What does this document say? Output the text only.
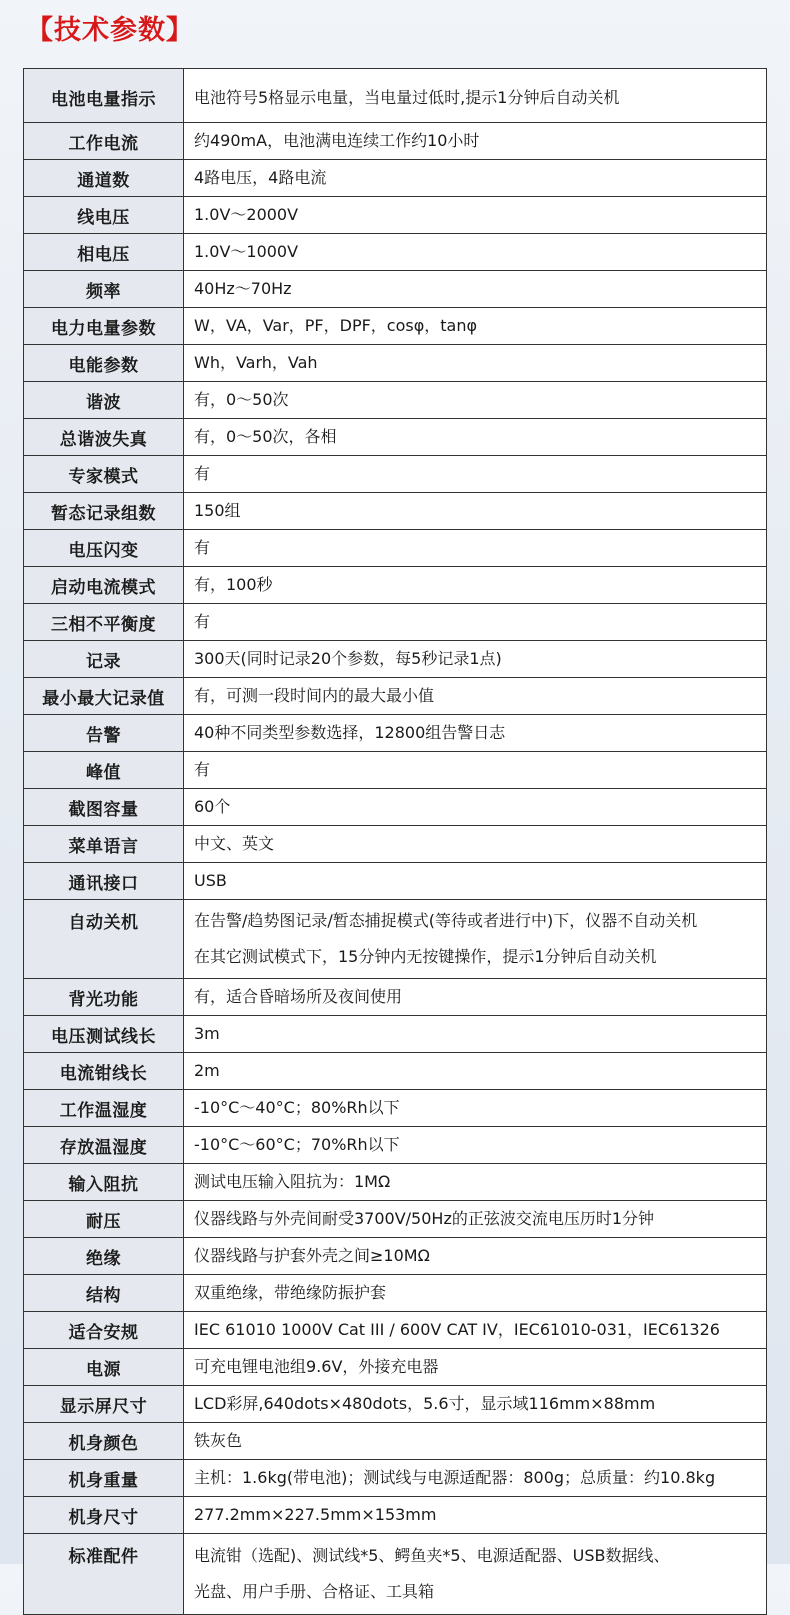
【技术参数】
电池电量指示	电池符号5格显示电量，当电量过低时,提示1分钟后自动关机

工作电流	约490mA，电池满电连续工作约10小时

通道数	4路电压，4路电流

线电压	1.0V～2000V

相电压	1.0V～1000V

频率	40Hz～70Hz

电力电量参数	W，VA，Var，PF，DPF，cosφ，tanφ

电能参数	Wh，Varh，Vah

谐波	有，0～50次

总谐波失真	有，0～50次，各相

专家模式	有

暂态记录组数	150组

电压闪变	有

启动电流模式	有，100秒

三相不平衡度	有

记录	300天(同时记录20个参数，每5秒记录1点)

最小最大记录值	有，可测一段时间内的最大最小值

告警	40种不同类型参数选择，12800组告警日志

峰值	有

截图容量	60个

菜单语言	中文、英文

通讯接口	USB

自动关机	在告警/趋势图记录/暂态捕捉模式(等待或者进行中)下，仪器不自动关机
在其它测试模式下，15分钟内无按键操作，提示1分钟后自动关机

背光功能	有，适合昏暗场所及夜间使用

电压测试线长	3m

电流钳线长	2m

工作温湿度	-10°C～40°C；80%Rh以下

存放温湿度	-10°C～60°C；70%Rh以下

输入阻抗	测试电压输入阻抗为：1MΩ

耐压	仪器线路与外壳间耐受3700V/50Hz的正弦波交流电压历时1分钟

绝缘	仪器线路与护套外壳之间≥10MΩ

结构	双重绝缘，带绝缘防振护套

适合安规	IEC 61010 1000V Cat III / 600V CAT IV，IEC61010-031，IEC61326

电源	可充电锂电池组9.6V，外接充电器

显示屏尺寸	LCD彩屏,640dots×480dots，5.6寸，显示域116mm×88mm

机身颜色	铁灰色

机身重量	主机：1.6kg(带电池)；测试线与电源适配器：800g；总质量：约10.8kg

机身尺寸	277.2mm×227.5mm×153mm

标准配件	电流钳（选配)、测试线*5、鳄鱼夹*5、电源适配器、USB数据线、
光盘、用户手册、合格证、工具箱
